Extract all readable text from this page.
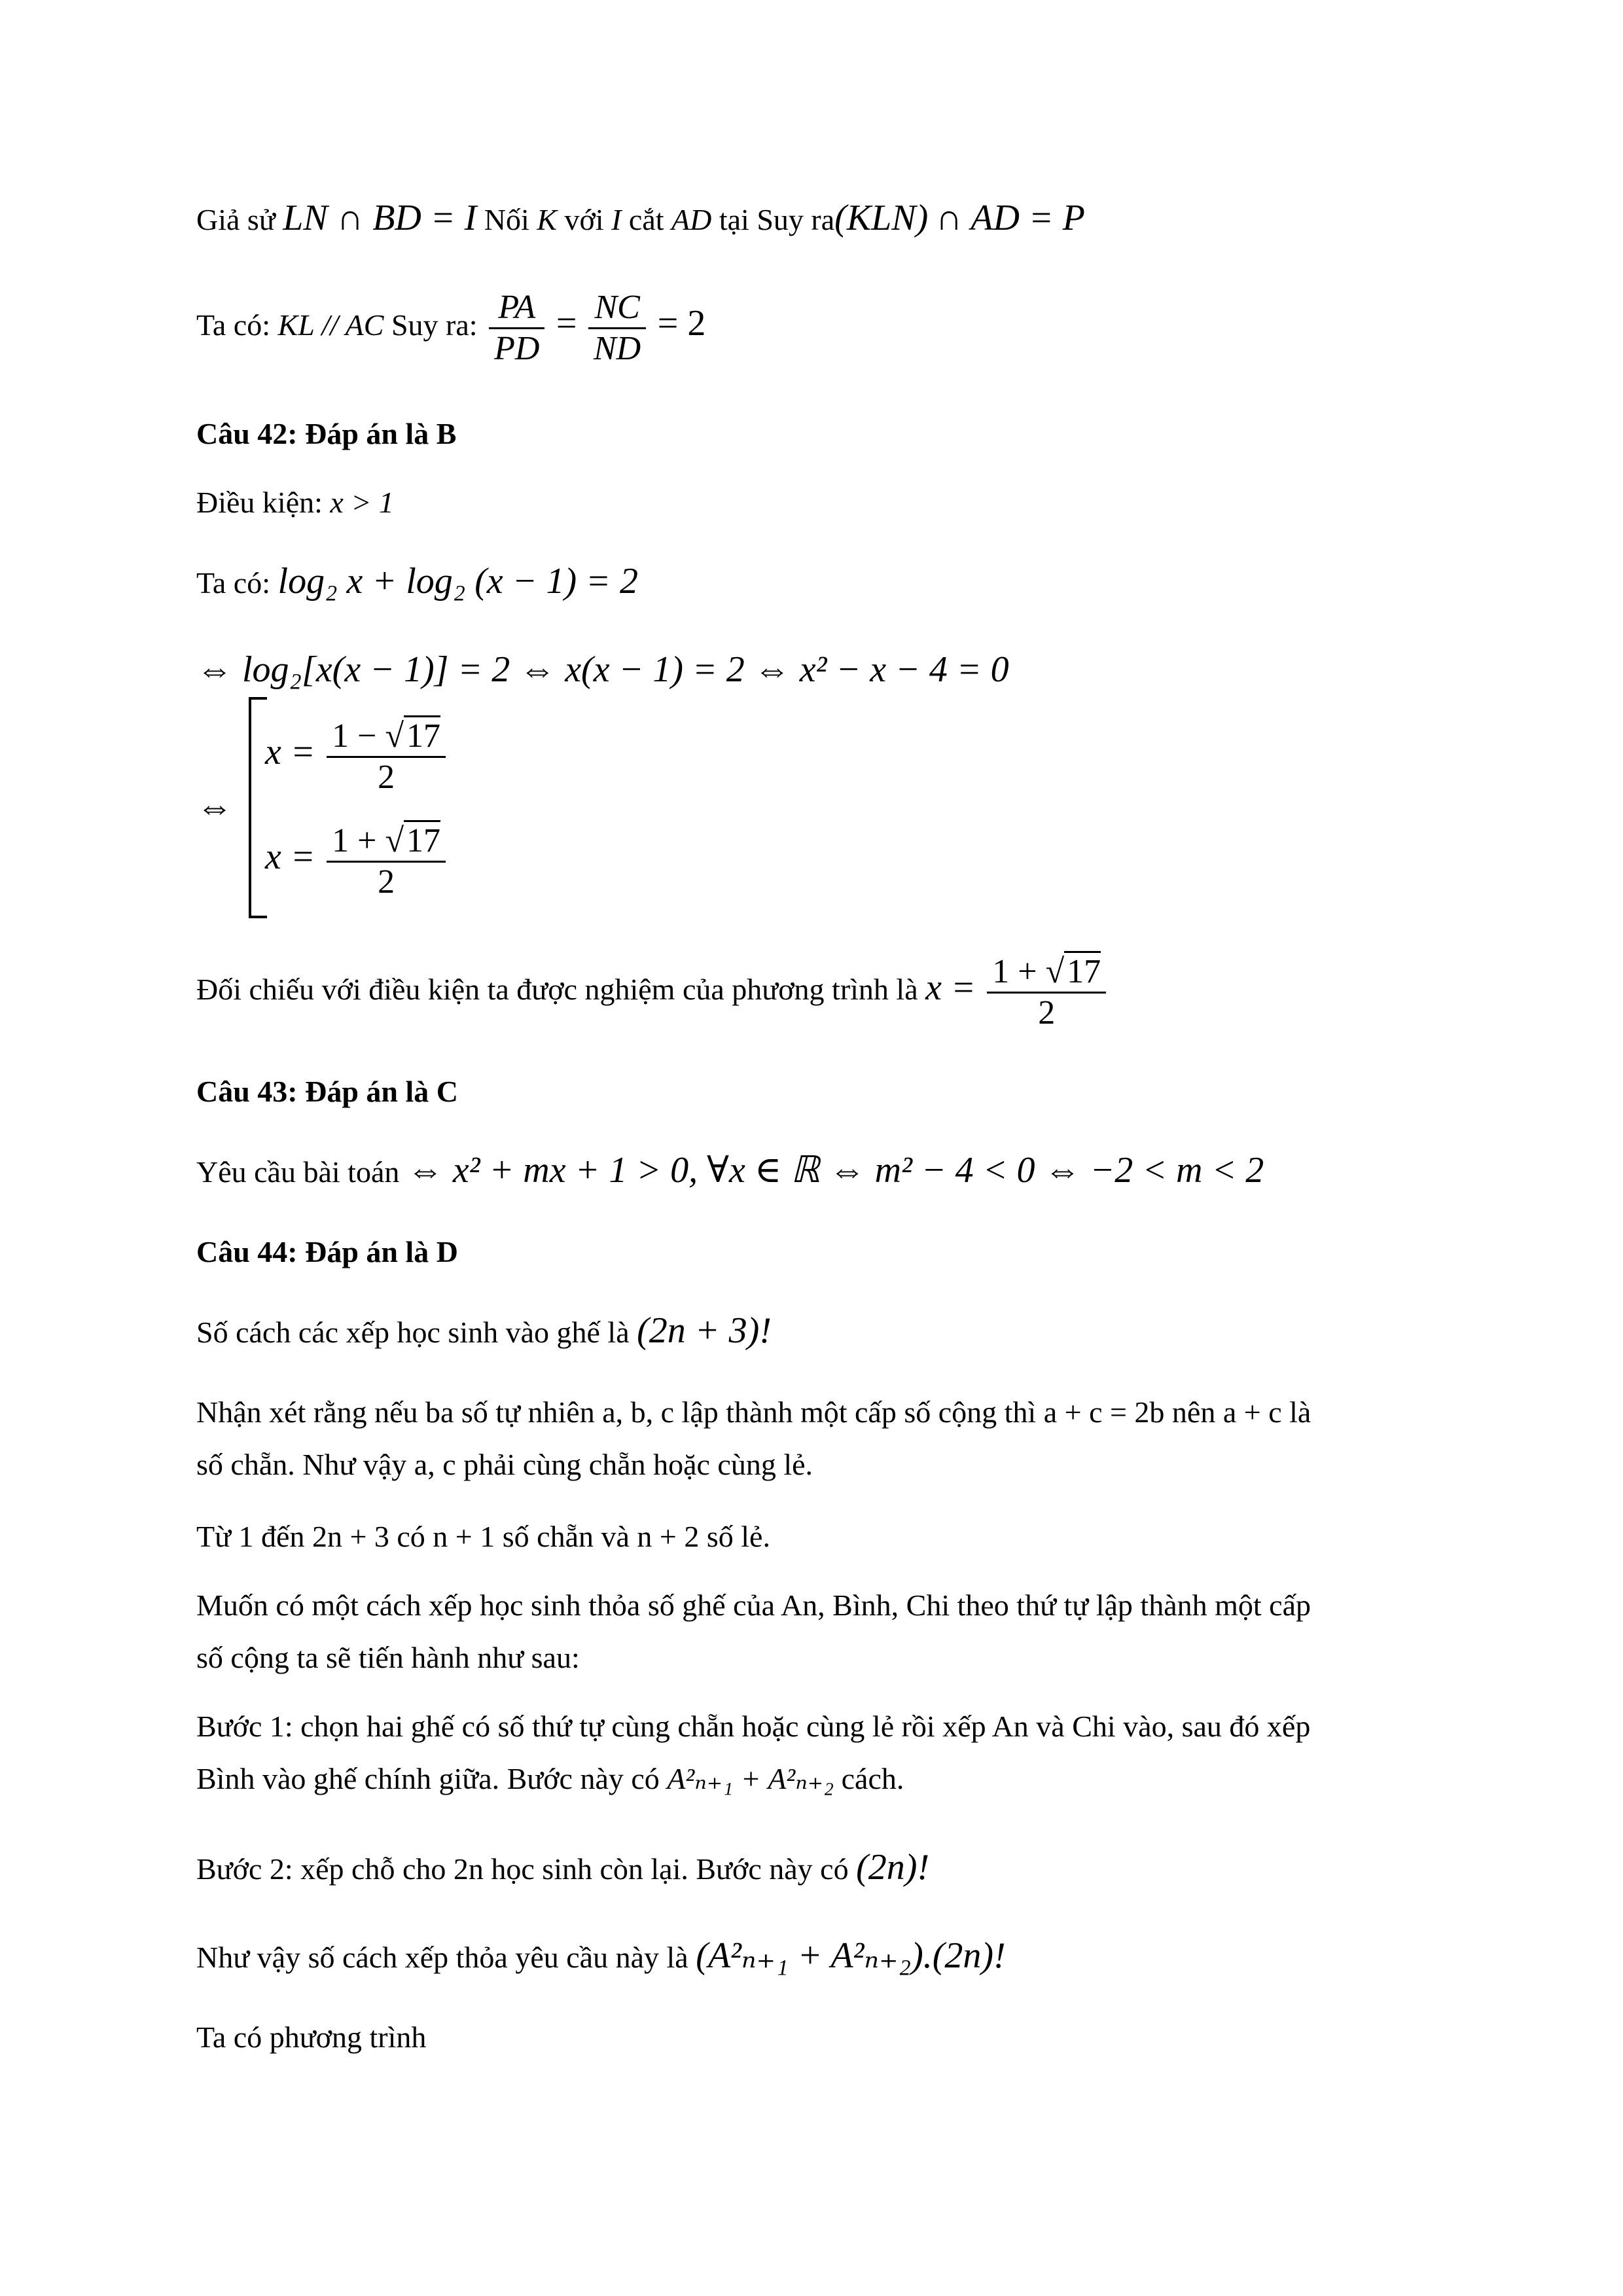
Giả sử LN ∩ BD = I Nối K với I cắt AD tại Suy ra(KLN) ∩ AD = P
Ta có: KL // AC Suy ra: $\frac{PA}{PD} = \frac{NC}{ND} = 2$
Câu 42: Đáp án là B
Điều kiện: x > 1
Ta có: log₂ x + log₂ (x − 1) = 2
⇔ log₂[x(x − 1)] = 2 ⇔ x(x − 1) = 2 ⇔ x² − x − 4 = 0
⇔
$x = \frac{1 - √17}{2}$
$x = \frac{1 + √17}{2}$
Đối chiếu với điều kiện ta được nghiệm của phương trình là $x = \frac{1 + √17}{2}$
Câu 43: Đáp án là C
Yêu cầu bài toán ⇔ x² + mx + 1 > 0, ∀x ∈ ℝ ⇔ m² − 4 < 0 ⇔ −2 < m < 2
Câu 44: Đáp án là D
Số cách các xếp học sinh vào ghế là (2n + 3)!
Nhận xét rằng nếu ba số tự nhiên a, b, c lập thành một cấp số cộng thì a + c = 2b nên a + c là
số chẵn. Như vậy a, c phải cùng chẵn hoặc cùng lẻ.
Từ 1 đến 2n + 3 có n + 1 số chẵn và n + 2 số lẻ.
Muốn có một cách xếp học sinh thỏa số ghế của An, Bình, Chi theo thứ tự lập thành một cấp
số cộng ta sẽ tiến hành như sau:
Bước 1: chọn hai ghế có số thứ tự cùng chẵn hoặc cùng lẻ rồi xếp An và Chi vào, sau đó xếp
Bình vào ghế chính giữa. Bước này có A²ₙ₊₁ + A²ₙ₊₂ cách.
Bước 2: xếp chỗ cho 2n học sinh còn lại. Bước này có (2n)!
Như vậy số cách xếp thỏa yêu cầu này là (A²ₙ₊₁ + A²ₙ₊₂).(2n)!
Ta có phương trình
